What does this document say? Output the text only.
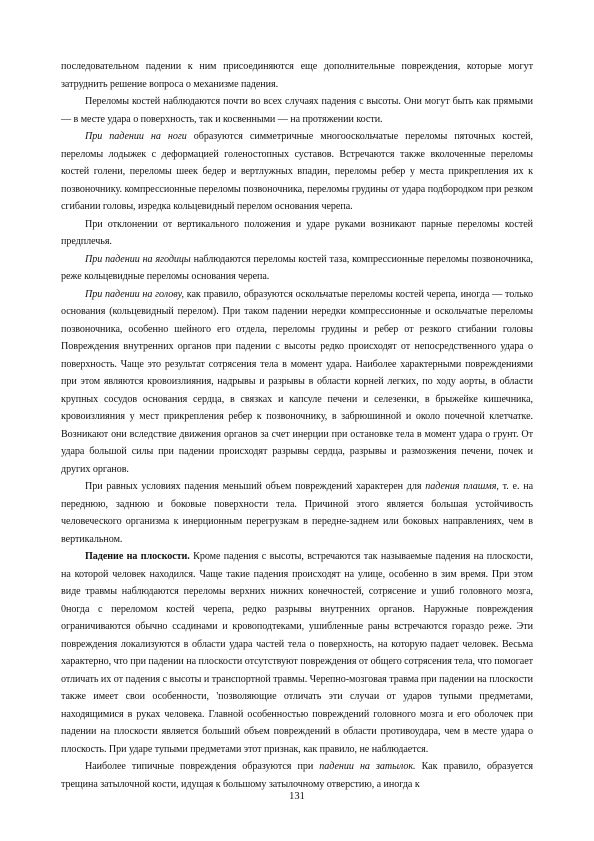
последовательном падении к ним присоединяются еще дополнительные повреждения, которые могут затруднить решение вопроса о механизме падения.

Переломы костей наблюдаются почти во всех случаях падения с высоты. Они могут быть как прямыми — в месте удара о поверхность, так и косвенными — на протяжении кости.

При падении на ноги образуются симметричные многооскольчатые переломы пяточных костей, переломы лодыжек с деформацией голеностопных суставов. Встречаются также вколоченные переломы костей голени, переломы шеек бедер и вертлужных впадин, переломы ребер у места прикрепления их к позвоночнику. компрессионные переломы позвоночника, переломы грудины от удара подбородком при резком сгибании головы, изредка кольцевидный перелом основания черепа.

При отклонении от вертикального положения и ударе руками возникают парные переломы костей предплечья.

При падении на ягодицы наблюдаются переломы костей таза, компрессионные переломы позвоночника, реже кольцевидные переломы основания черепа.

При падении на голову, как правило, образуются оскольчатые переломы костей черепа, иногда — только основания (кольцевидный перелом). При таком падении нередки компрессионные и оскольчатые переломы позвоночника, особенно шейного его отдела, переломы грудины и ребер от резкого сгибании головы Повреждения внутренних органов при падении с высоты редко происходят от непосредственного удара о поверхность. Чаще это результат сотрясения тела в момент удара. Наиболее характерными повреждениями при этом являются кровоизлияния, надрывы и разрывы в области корней легких, по ходу аорты, в области крупных сосудов основания сердца, в связках и капсуле печени и селезенки, в брыжейке кишечника, кровоизлияния у мест прикрепления ребер к позвоночнику, в забрюшинной и около почечной клетчатке. Возникают они вследствие движения органов за счет инерции при остановке тела в момент удара о грунт. От удара большой силы при падении происходят разрывы сердца, разрывы и размозжения печени, почек и других органов.

При равных условиях падения меньший объем повреждений характерен для падения плашмя, т. е. на переднюю, заднюю и боковые поверхности тела. Причиной этого является большая устойчивость человеческого организма к инерционным перегрузкам в передне-заднем или боковых направлениях, чем в вертикальном.

Падение на плоскости. Кроме падения с высоты, встречаются так называемые падения на плоскости, на которой человек находился. Чаще такие падения происходят на улице, особенно в зим время. При этом виде травмы наблюдаются переломы верхних нижних конечностей, сотрясение и ушиб головного мозга, 0ногда с переломом костей черепа, редко разрывы внутренних органов. Наружные повреждения ограничиваются обычно ссадинами и кровоподтеками, ушибленные раны встречаются гораздо реже. Эти повреждения локализуются в области удара частей тела о поверхность, на которую падает человек. Весьма характерно, что при падении на плоскости отсутствуют повреждения от общего сотрясения тела, что помогает отличать их от падения с высоты и транспортной травмы. Черепно-мозговая травма при падении на плоскости также имеет свои особенности, 'позволяющие отличать эти случаи от ударов тупыми предметами, находящимися в руках человека. Главной особенностью повреждений головного мозга и его оболочек при падении на плоскости является больший объем повреждений в области противоудара, чем в месте удара о плоскость. При ударе тупыми предметами этот признак, как правило, не наблюдается.

Наиболее типичные повреждения образуются при падении на затылок. Как правило, образуется трещина затылочной кости, идущая к большому затылочному отверстию, а иногда к

131
